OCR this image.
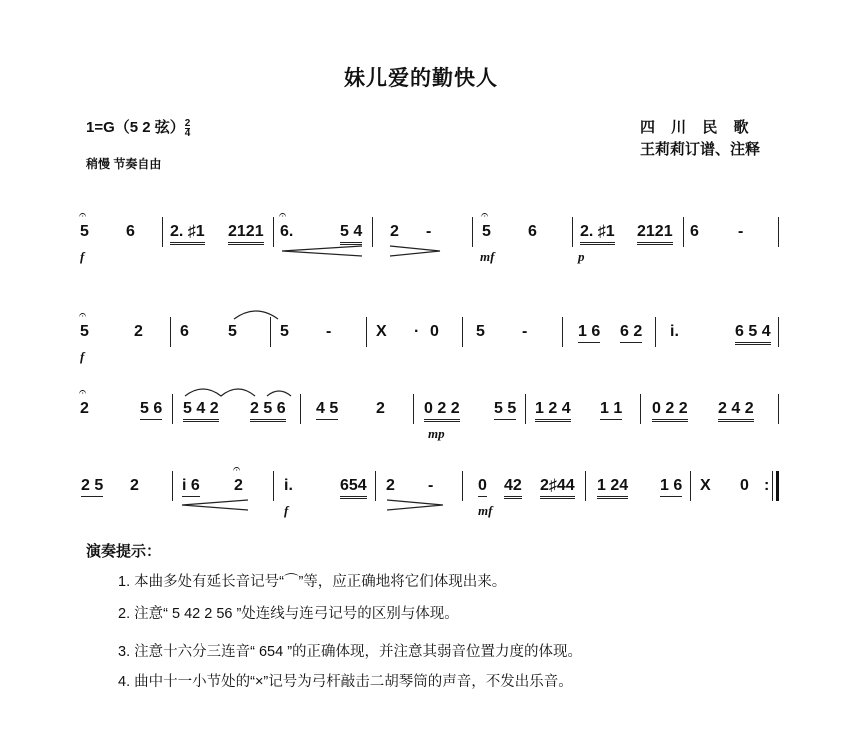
妹儿爱的勤快人
1=G（5 2 弦） $\frac{2}{4}$	四 川 民 歌
王莉莉订谱、注释
稍慢 节奏自由
𝄐
5 6 2. ♯1 2121
𝄐
6.	5 4 2 -
𝄐
5 6	2. ♯1 2121 6 -
f	mf	p
𝄐
5	2 6 5	5 -	X · 0 5 -	1 6 6 2 i.	6 5 4
f
𝄐
2	5 6 5 4 2 2 5 6 4 5 2 0 2 2 5 5 1 2 4 1 1 0 2 2 2 4 2
mp
2 5 2	i 6
𝄐
2	i.	654 2 -	0 42 2♯44 1 24 1 6 X 0 :
f	mf
演奏提示：
1. 本曲多处有延长音记号“⌒”等，应正确地将它们体现出来。
2. 注意“ 5 42 2 56 ”处连线与连弓记号的区别与体现。
3. 注意十六分三连音“ 654 ”的正确体现，并注意其弱音位置力度的体现。
4. 曲中十一小节处的“×”记号为弓杆敲击二胡琴筒的声音，不发出乐音。
